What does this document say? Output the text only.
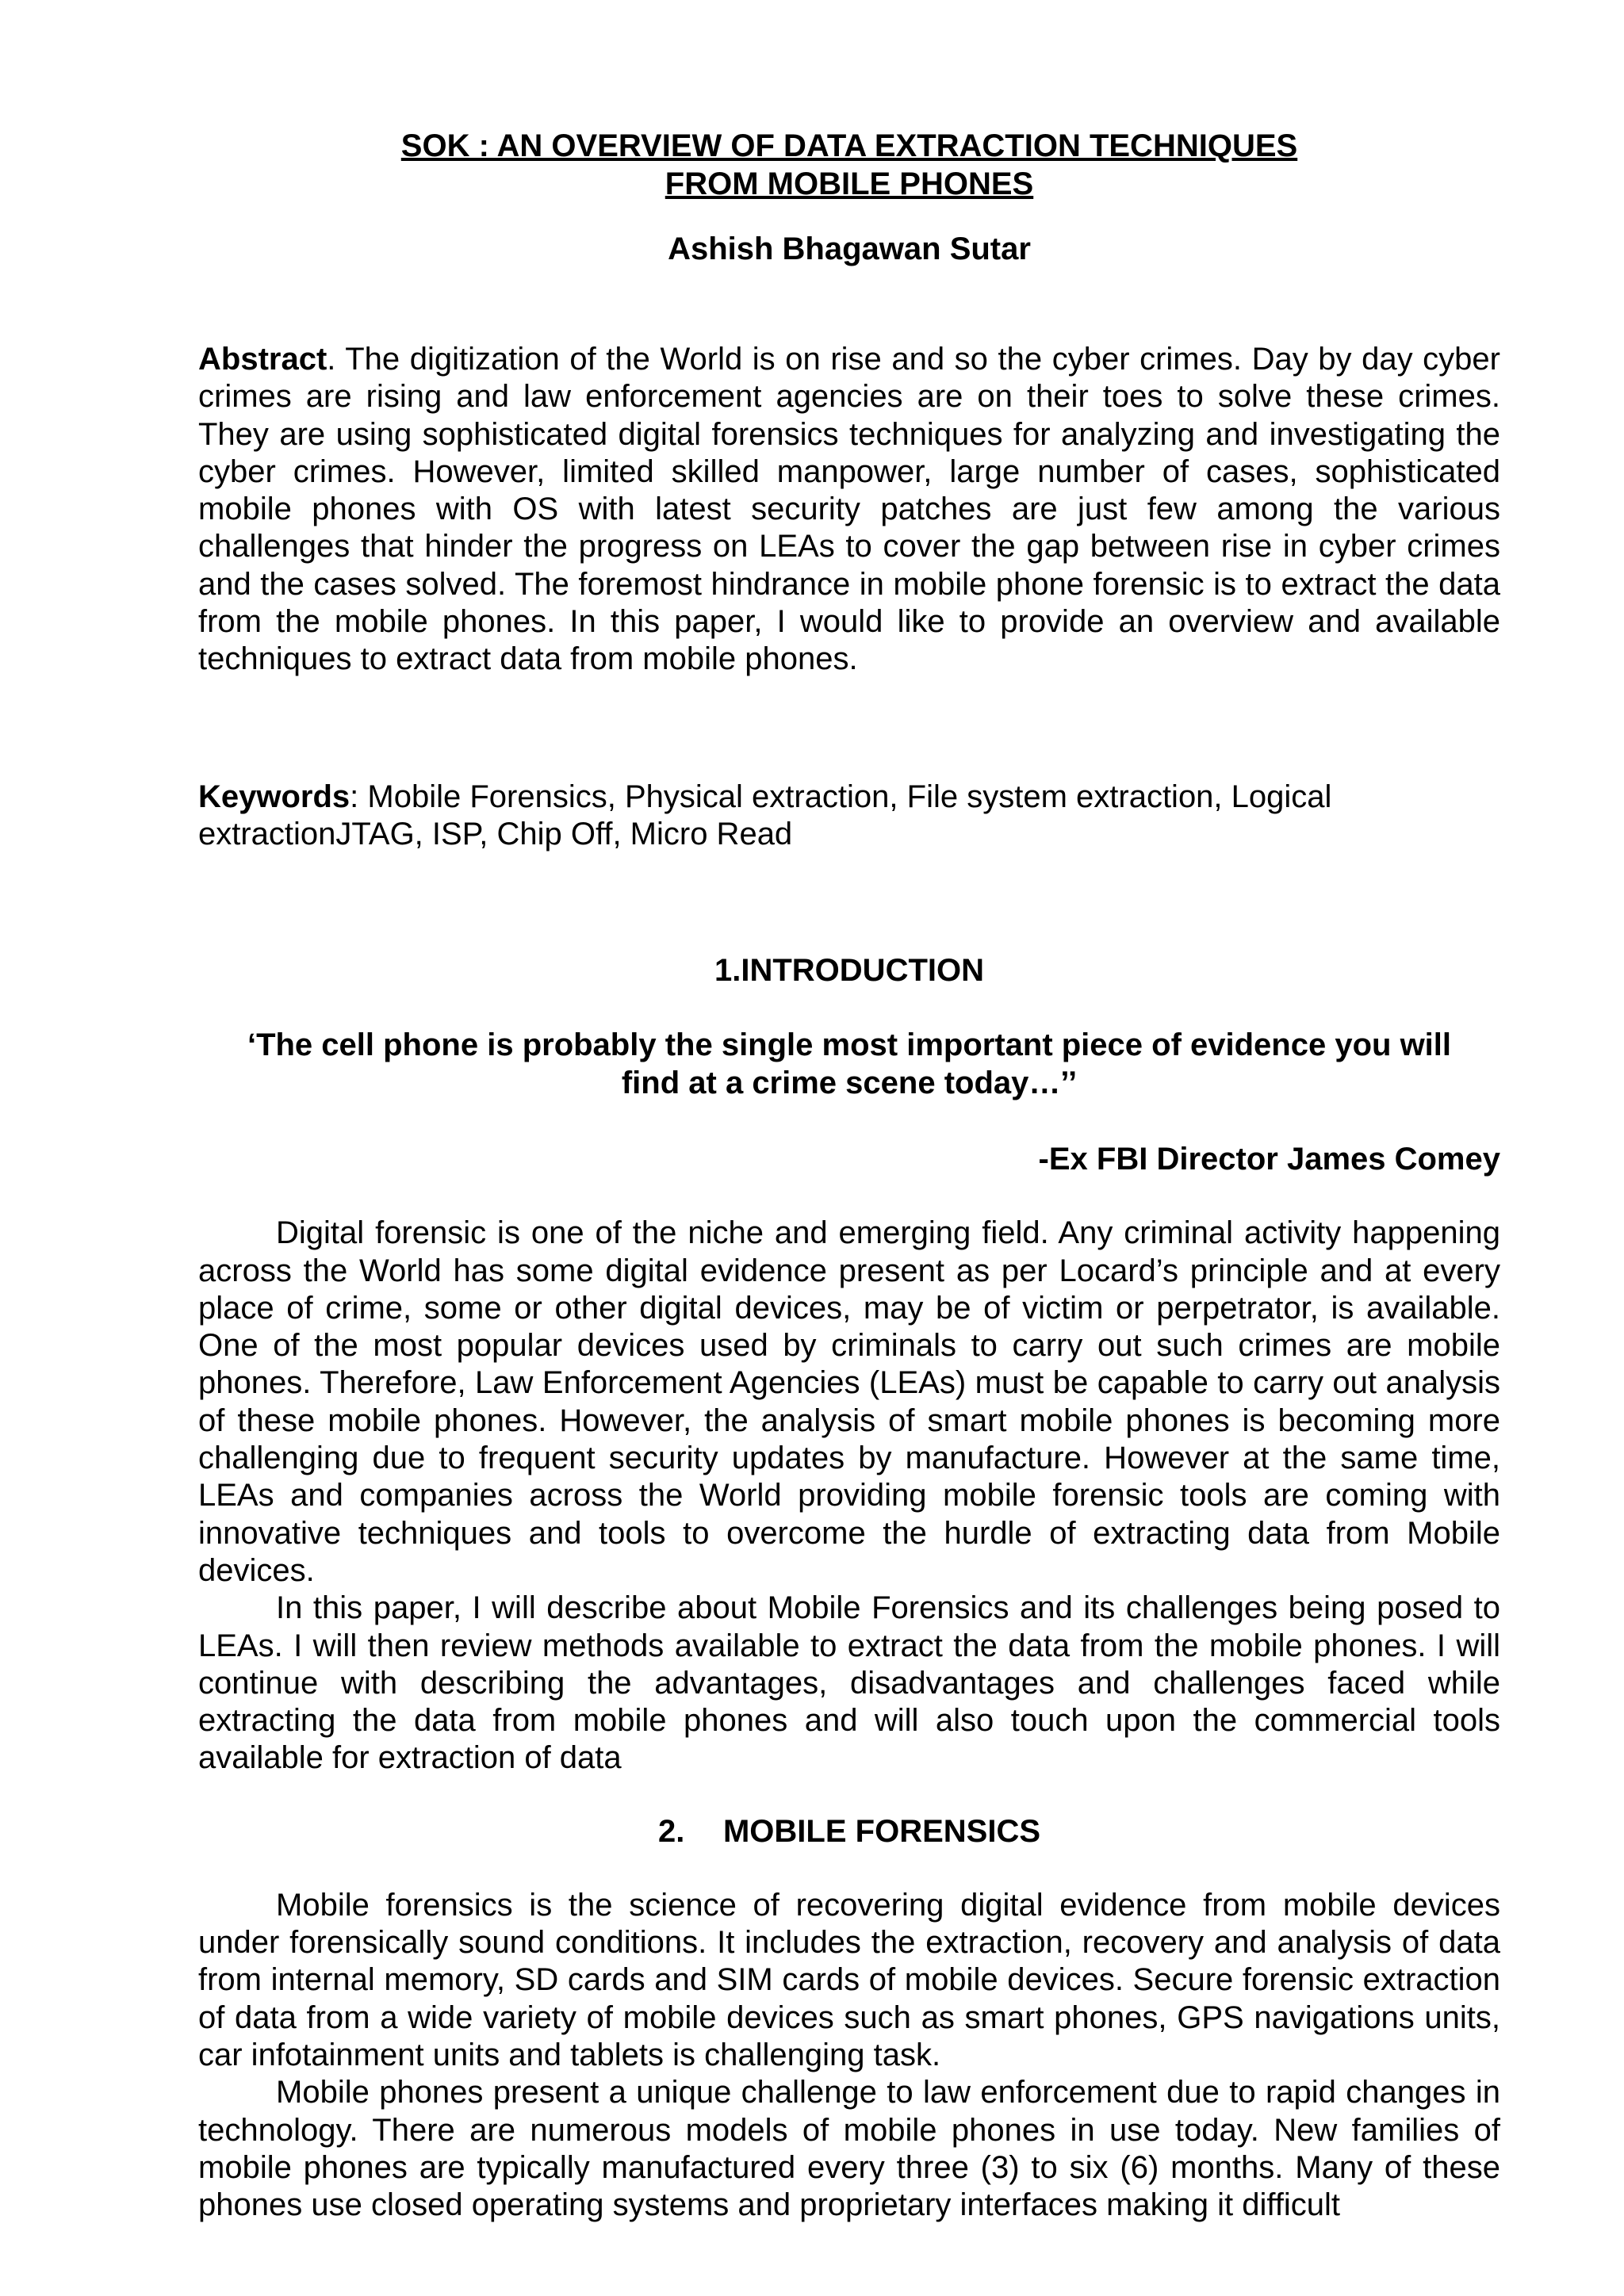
SOK : AN OVERVIEW OF DATA EXTRACTION TECHNIQUES
FROM MOBILE PHONES
Ashish Bhagawan Sutar

Abstract. The digitization of the World is on rise and so the cyber crimes. Day by day cyber crimes are rising and law enforcement agencies are on their toes to solve these crimes. They are using sophisticated digital forensics techniques for analyzing and investigating the cyber crimes. However, limited skilled manpower, large number of cases, sophisticated mobile phones with OS with latest security patches are just few among the various challenges that hinder the progress on LEAs to cover the gap between rise in cyber crimes and the cases solved. The foremost hindrance in mobile phone forensic is to extract the data from the mobile phones. In this paper, I would like to provide an overview and available techniques to extract data from mobile phones.

Keywords: Mobile Forensics, Physical extraction, File system extraction, Logical extractionJTAG, ISP, Chip Off, Micro Read

1.INTRODUCTION
‘The cell phone is probably the single most important piece of evidence you will find at a crime scene today…’’
-Ex FBI Director James Comey

Digital forensic is one of the niche and emerging field. Any criminal activity happening across the World has some digital evidence present as per Locard’s principle and at every place of crime, some or other digital devices, may be of victim or perpetrator, is available. One of the most popular devices used by criminals to carry out such crimes are mobile phones. Therefore, Law Enforcement Agencies (LEAs) must be capable to carry out analysis of these mobile phones. However, the analysis of smart mobile phones is becoming more challenging due to frequent security updates by manufacture. However at the same time, LEAs and companies across the World providing mobile forensic tools are coming with innovative techniques and tools to overcome the hurdle of extracting data from Mobile devices.

In this paper, I will describe about Mobile Forensics and its challenges being posed to LEAs. I will then review methods available to extract the data from the mobile phones. I will continue with describing the advantages, disadvantages and challenges faced while extracting the data from mobile phones and will also touch upon the commercial tools available for extraction of data

2. MOBILE FORENSICS

Mobile forensics is the science of recovering digital evidence from mobile devices under forensically sound conditions. It includes the extraction, recovery and analysis of data from internal memory, SD cards and SIM cards of mobile devices. Secure forensic extraction of data from a wide variety of mobile devices such as smart phones, GPS navigations units, car infotainment units and tablets is challenging task.

Mobile phones present a unique challenge to law enforcement due to rapid changes in technology. There are numerous models of mobile phones in use today. New families of mobile phones are typically manufactured every three (3) to six (6) months. Many of these phones use closed operating systems and proprietary interfaces making it difficult
